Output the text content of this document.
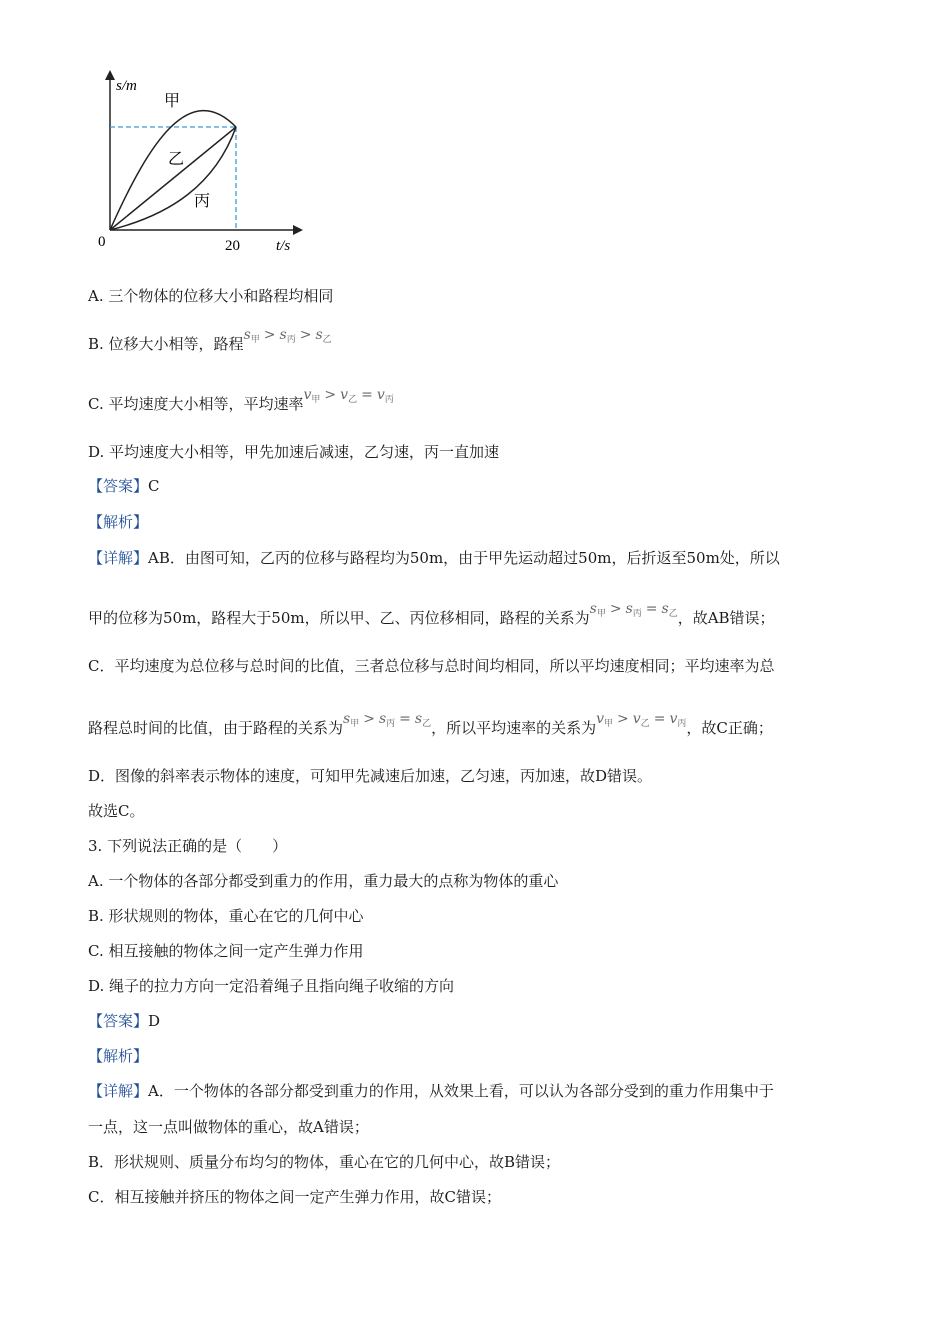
s/m
t/s
0	20
甲
乙
丙
A. 三个物体的位移大小和路程均相同
B. 位移大小相等，路程$s_甲 > s_丙 > s_乙$
C. 平均速度大小相等，平均速率$v_甲 > v_乙 = v_丙$
D. 平均速度大小相等，甲先加速后减速，乙匀速，丙一直加速
【答案】C
【解析】
【详解】AB．由图可知，乙丙的位移与路程均为50m，由于甲先运动超过50m，后折返至50m处，所以
甲的位移为50m，路程大于50m，所以甲、乙、丙位移相同，路程的关系为$s_甲 > s_丙 = s_乙$，故AB错误；
C．平均速度为总位移与总时间的比值，三者总位移与总时间均相同，所以平均速度相同；平均速率为总
路程总时间的比值，由于路程的关系为$s_甲 > s_丙 = s_乙$，所以平均速率的关系为$v_甲 > v_乙 = v_丙$，故C正确；
D．图像的斜率表示物体的速度，可知甲先减速后加速，乙匀速，丙加速，故D错误。
故选C。
3. 下列说法正确的是（　　）
A. 一个物体的各部分都受到重力的作用，重力最大的点称为物体的重心
B. 形状规则的物体，重心在它的几何中心
C. 相互接触的物体之间一定产生弹力作用
D. 绳子的拉力方向一定沿着绳子且指向绳子收缩的方向
【答案】D
【解析】
【详解】A．一个物体的各部分都受到重力的作用，从效果上看，可以认为各部分受到的重力作用集中于
一点，这一点叫做物体的重心，故A错误；
B．形状规则、质量分布均匀的物体，重心在它的几何中心，故B错误；
C．相互接触并挤压的物体之间一定产生弹力作用，故C错误；
